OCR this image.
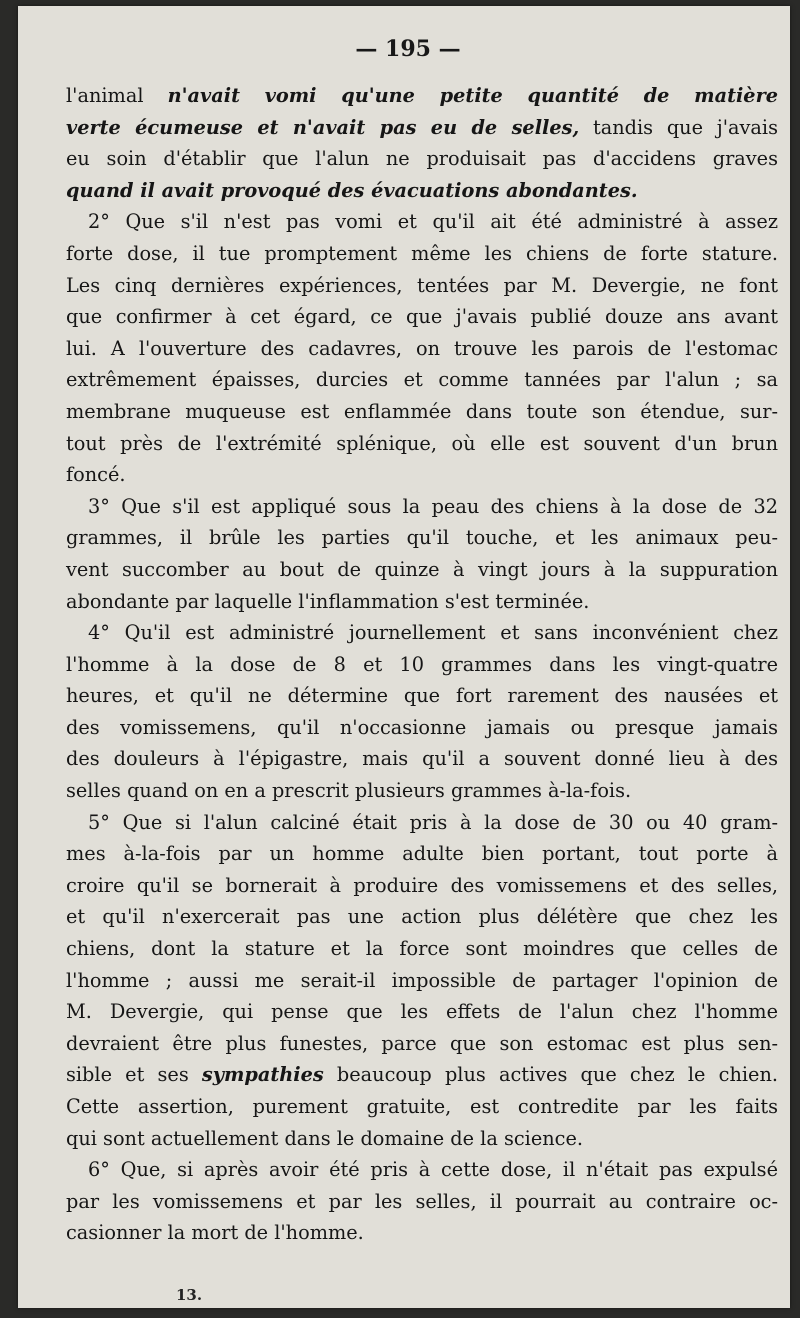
— 195 —
l'animal n'avait vomi qu'une petite quantité de matière
verte écumeuse et n'avait pas eu de selles, tandis que j'avais
eu soin d'établir que l'alun ne produisait pas d'accidens graves
quand il avait provoqué des évacuations abondantes.
2° Que s'il n'est pas vomi et qu'il ait été administré à assez
forte dose, il tue promptement même les chiens de forte stature.
Les cinq dernières expériences, tentées par M. Devergie, ne font
que confirmer à cet égard, ce que j'avais publié douze ans avant
lui. A l'ouverture des cadavres, on trouve les parois de l'estomac
extrêmement épaisses, durcies et comme tannées par l'alun ; sa
membrane muqueuse est enflammée dans toute son étendue, sur-
tout près de l'extrémité splénique, où elle est souvent d'un brun
foncé.
3° Que s'il est appliqué sous la peau des chiens à la dose de 32
grammes, il brûle les parties qu'il touche, et les animaux peu-
vent succomber au bout de quinze à vingt jours à la suppuration
abondante par laquelle l'inflammation s'est terminée.
4° Qu'il est administré journellement et sans inconvénient chez
l'homme à la dose de 8 et 10 grammes dans les vingt-quatre
heures, et qu'il ne détermine que fort rarement des nausées et
des vomissemens, qu'il n'occasionne jamais ou presque jamais
des douleurs à l'épigastre, mais qu'il a souvent donné lieu à des
selles quand on en a prescrit plusieurs grammes à-la-fois.
5° Que si l'alun calciné était pris à la dose de 30 ou 40 gram-
mes à-la-fois par un homme adulte bien portant, tout porte à
croire qu'il se bornerait à produire des vomissemens et des selles,
et qu'il n'exercerait pas une action plus délétère que chez les
chiens, dont la stature et la force sont moindres que celles de
l'homme ; aussi me serait-il impossible de partager l'opinion de
M. Devergie, qui pense que les effets de l'alun chez l'homme
devraient être plus funestes, parce que son estomac est plus sen-
sible et ses sympathies beaucoup plus actives que chez le chien.
Cette assertion, purement gratuite, est contredite par les faits
qui sont actuellement dans le domaine de la science.
6° Que, si après avoir été pris à cette dose, il n'était pas expulsé
par les vomissemens et par les selles, il pourrait au contraire oc-
casionner la mort de l'homme.
13.
